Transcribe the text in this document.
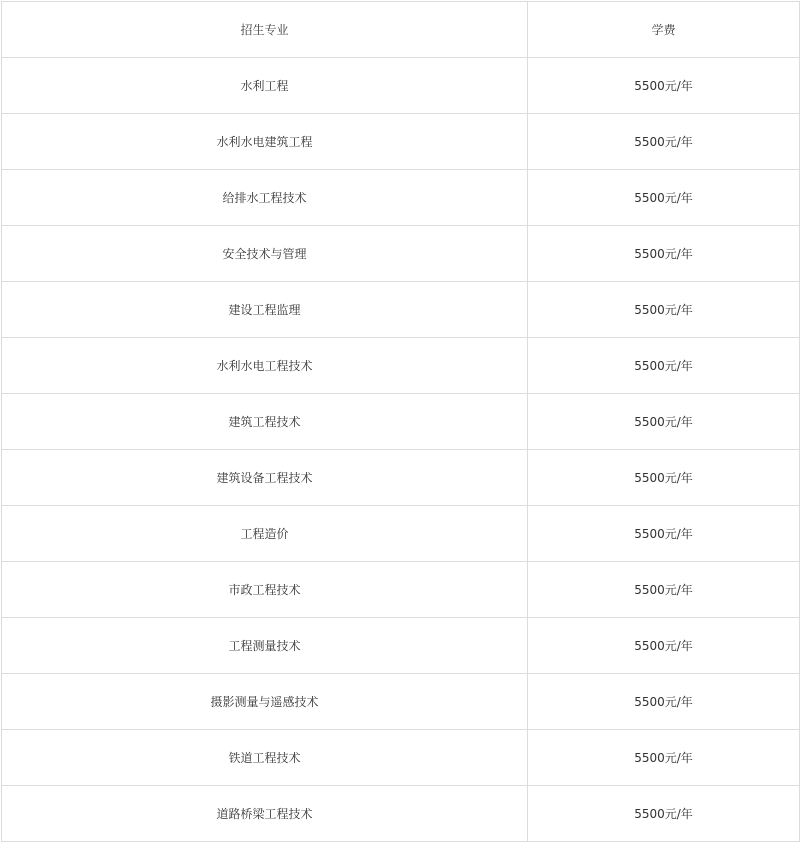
招生专业	学费
水利工程	5500元/年
水利水电建筑工程	5500元/年
给排水工程技术	5500元/年
安全技术与管理	5500元/年
建设工程监理	5500元/年
水利水电工程技术	5500元/年
建筑工程技术	5500元/年
建筑设备工程技术	5500元/年
工程造价	5500元/年
市政工程技术	5500元/年
工程测量技术	5500元/年
摄影测量与遥感技术	5500元/年
铁道工程技术	5500元/年
道路桥梁工程技术	5500元/年
